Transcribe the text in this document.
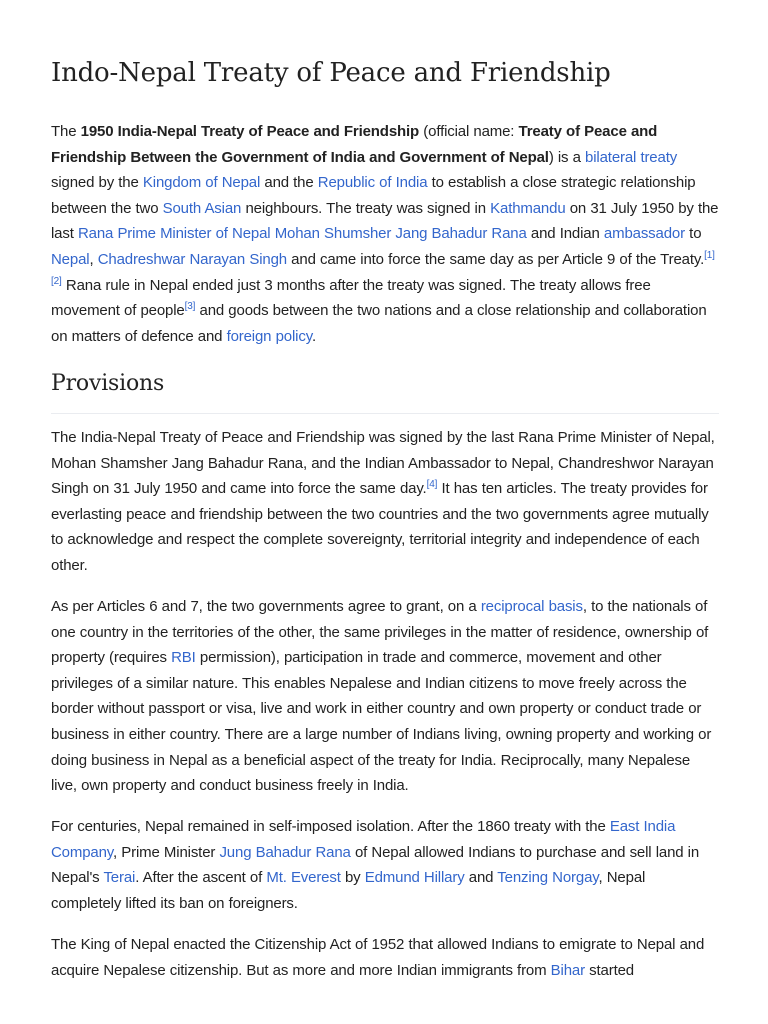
Indo-Nepal Treaty of Peace and Friendship

The 1950 India-Nepal Treaty of Peace and Friendship (official name: Treaty of Peace and Friendship Between the Government of India and Government of Nepal) is a bilateral treaty signed by the Kingdom of Nepal and the Republic of India to establish a close strategic relationship between the two South Asian neighbours. The treaty was signed in Kathmandu on 31 July 1950 by the last Rana Prime Minister of Nepal Mohan Shumsher Jang Bahadur Rana and Indian ambassador to Nepal, Chadreshwar Narayan Singh and came into force the same day as per Article 9 of the Treaty.[1][2] Rana rule in Nepal ended just 3 months after the treaty was signed. The treaty allows free movement of people[3] and goods between the two nations and a close relationship and collaboration on matters of defence and foreign policy.

Provisions

The India-Nepal Treaty of Peace and Friendship was signed by the last Rana Prime Minister of Nepal, Mohan Shamsher Jang Bahadur Rana, and the Indian Ambassador to Nepal, Chandreshwor Narayan Singh on 31 July 1950 and came into force the same day.[4] It has ten articles. The treaty provides for everlasting peace and friendship between the two countries and the two governments agree mutually to acknowledge and respect the complete sovereignty, territorial integrity and independence of each other.

As per Articles 6 and 7, the two governments agree to grant, on a reciprocal basis, to the nationals of one country in the territories of the other, the same privileges in the matter of residence, ownership of property (requires RBI permission), participation in trade and commerce, movement and other privileges of a similar nature. This enables Nepalese and Indian citizens to move freely across the border without passport or visa, live and work in either country and own property or conduct trade or business in either country. There are a large number of Indians living, owning property and working or doing business in Nepal as a beneficial aspect of the treaty for India. Reciprocally, many Nepalese live, own property and conduct business freely in India.

For centuries, Nepal remained in self-imposed isolation. After the 1860 treaty with the East India Company, Prime Minister Jung Bahadur Rana of Nepal allowed Indians to purchase and sell land in Nepal's Terai. After the ascent of Mt. Everest by Edmund Hillary and Tenzing Norgay, Nepal completely lifted its ban on foreigners.

The King of Nepal enacted the Citizenship Act of 1952 that allowed Indians to emigrate to Nepal and acquire Nepalese citizenship. But as more and more Indian immigrants from Bihar started
